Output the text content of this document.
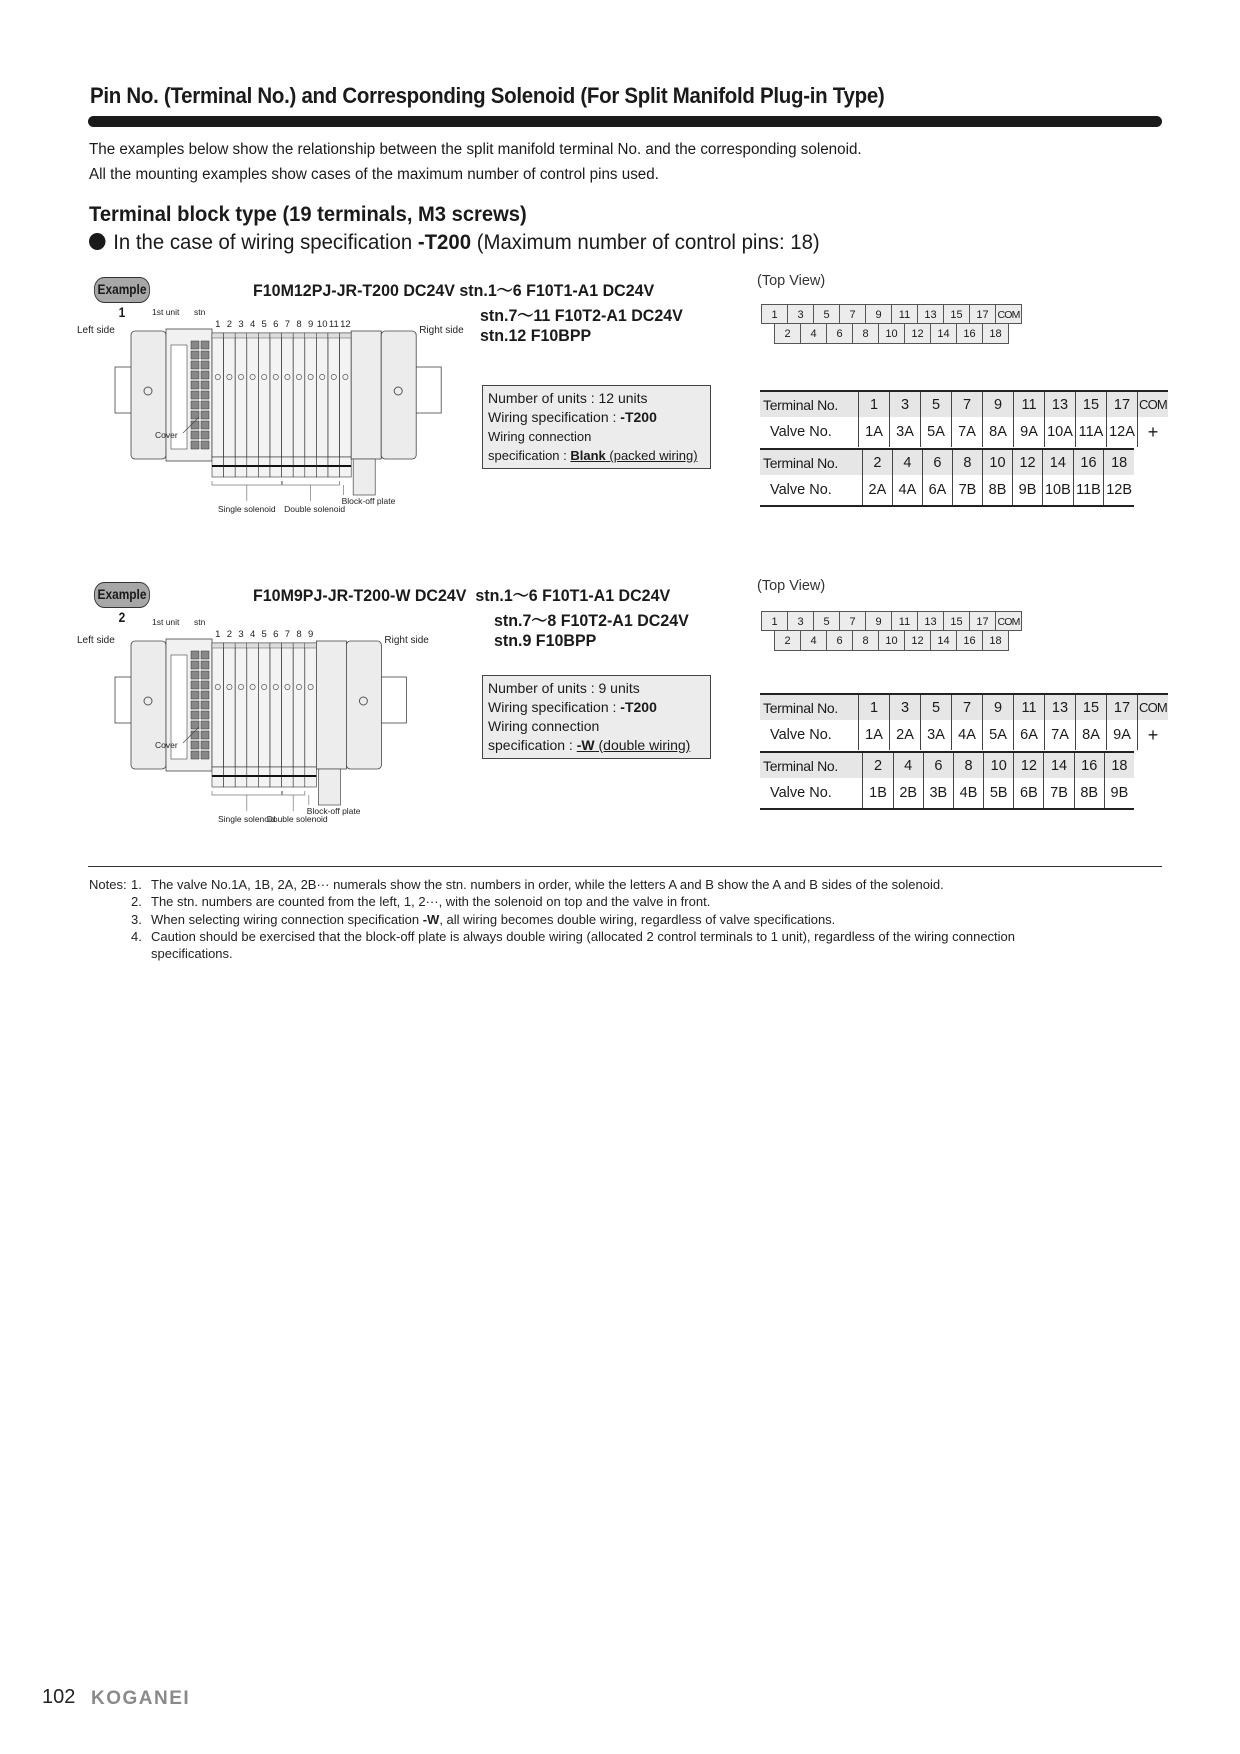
Pin No. (Terminal No.) and Corresponding Solenoid (For Split Manifold Plug-in Type)
The examples below show the relationship between the split manifold terminal No. and the corresponding solenoid.
All the mounting examples show cases of the maximum number of control pins used.
Terminal block type (19 terminals, M3 screws)
In the case of wiring specification -T200 (Maximum number of control pins: 18)
Example 1
F10M12PJ-JR-T200 DC24V stn.1〜6 F10T1-A1 DC24V
stn.7〜11 F10T2-A1 DC24V
stn.12 F10BPP
1 2 3 4 5 6 7 8 9 10 11 12
Left side	Right side
1st unit stn
Cover
Single solenoid Double solenoid
Block-off plate
Number of units : 12 units
Wiring specification : -T200
Wiring connection
specification : Blank (packed wiring)
(Top View)
1	3	5	7	9	11	13	15	17 COM
2	4	6	8	10	12	14	16	18
Terminal No.	1	3	5	7	9	11	13	15	17	COM
Valve No.	1A	3A	5A	7A	8A	9A	10A	11A	12A	+
Terminal No.	2	4	6	8	10	12	14	16	18
Valve No.	2A	4A	6A	7B	8B	9B	10B	11B	12B
Example 2
F10M9PJ-JR-T200-W DC24V  stn.1〜6 F10T1-A1 DC24V
stn.7〜8 F10T2-A1 DC24V
stn.9 F10BPP
1 2 3 4 5 6 7 8 9
Left side	Right side
1st unit stn
Cover
Single solenoid
Double solenoid
Block-off plate
Number of units : 9 units
Wiring specification : -T200
Wiring connection
specification : -W (double wiring)
(Top View)
1	3	5	7	9	11	13	15	17 COM
2	4	6	8	10	12	14	16	18
Terminal No.	1	3	5	7	9	11	13	15	17	COM
Valve No.	1A	2A	3A	4A	5A	6A	7A	8A	9A	+
Terminal No.	2	4	6	8	10	12	14	16	18
Valve No.	1B	2B	3B	4B	5B	6B	7B	8B	9B
Notes: 1. The valve No.1A, 1B, 2A, 2B··· numerals show the stn. numbers in order, while the letters A and B show the A and B sides of the solenoid.
2. The stn. numbers are counted from the left, 1, 2···, with the solenoid on top and the valve in front.
3. When selecting wiring connection specification -W, all wiring becomes double wiring, regardless of valve specifications.
4. Caution should be exercised that the block-off plate is always double wiring (allocated 2 control terminals to 1 unit), regardless of the wiring connection
specifications.
102 KOGANEI
